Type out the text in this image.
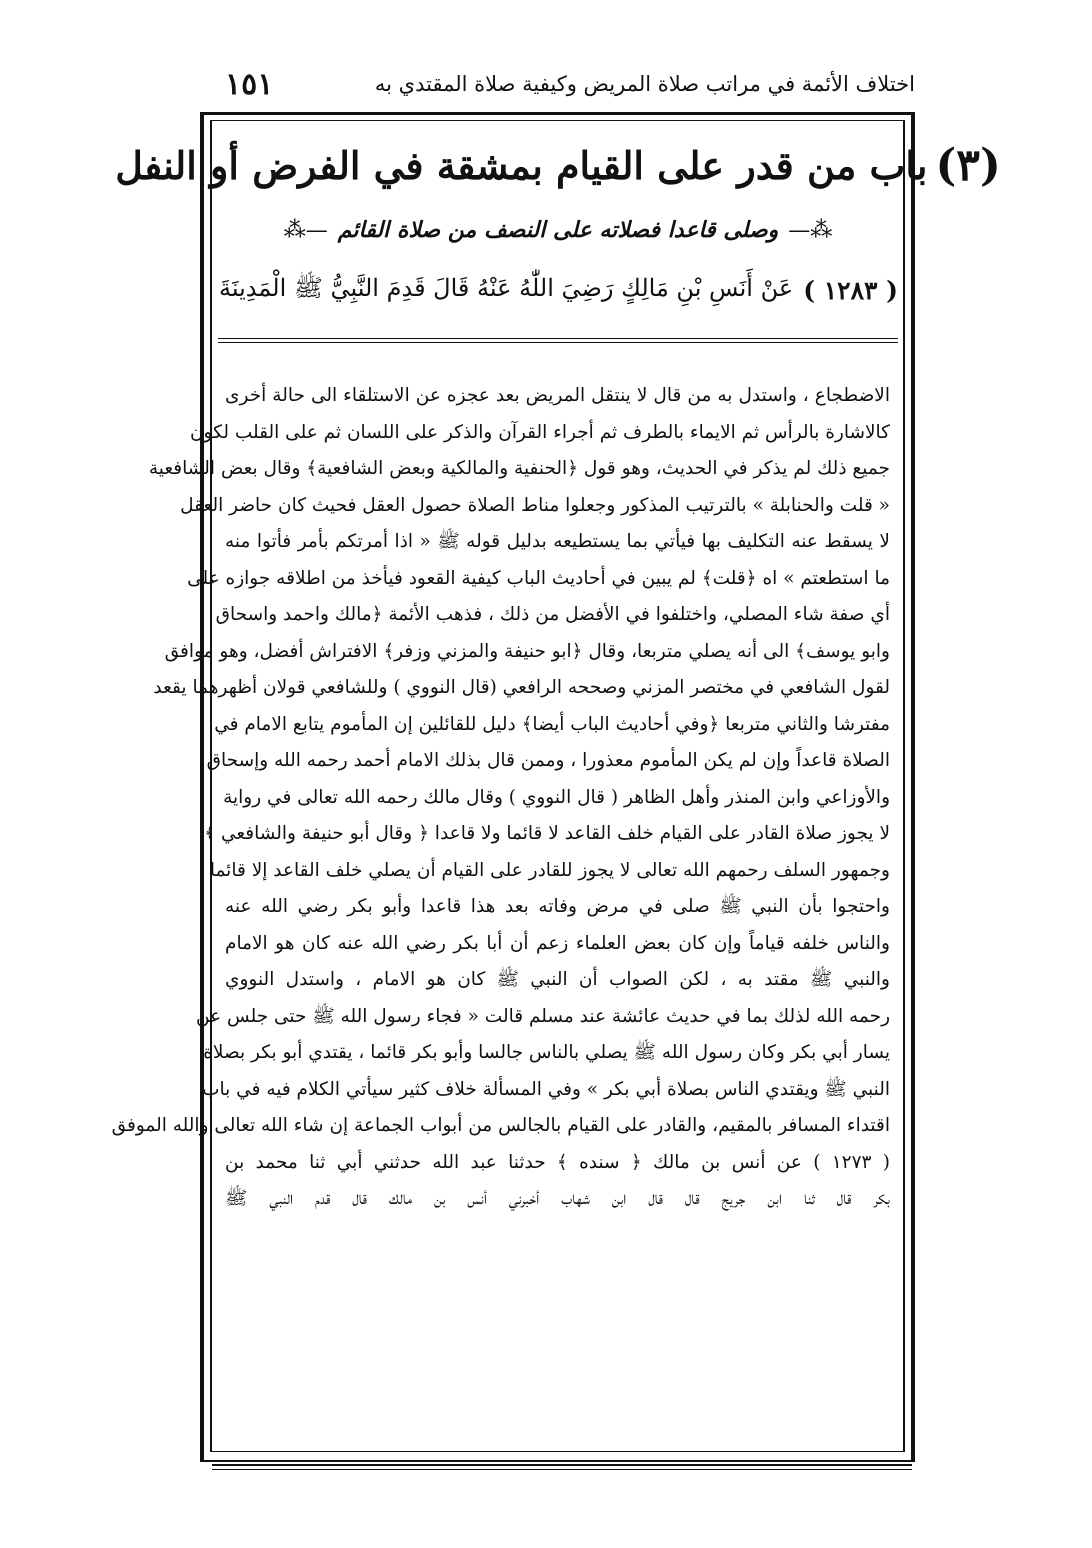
اختلاف الأئمة في مراتب صلاة المريض وكيفية صلاة المقتدي به
١٥١
(٣)
باب من قدر على القيام بمشقة في الفرض أو النفل
⁂—
وصلى قاعدا فصلاته على النصف من صلاة القائم
—⁂
( ١٢٨٣ )
عَنْ أَنَسِ بْنِ مَالِكٍ رَضِيَ اللّٰهُ عَنْهُ قَالَ قَدِمَ النَّبِيُّ ﷺ الْمَدِينَةَ
الاضطجاع ، واستدل به من قال لا ينتقل المريض بعد عجزه عن الاستلقاء الى حالة أخرى
كالاشارة بالرأس ثم الايماء بالطرف ثم أجراء القرآن والذكر على اللسان ثم على القلب لكون
جميع ذلك لم يذكر في الحديث، وهو قول ﴿الحنفية والمالكية وبعض الشافعية﴾ وقال بعض الشافعية
« قلت والحنابلة » بالترتيب المذكور وجعلوا مناط الصلاة حصول العقل فحيث كان حاضر العقل
لا يسقط عنه التكليف بها فيأتي بما يستطيعه بدليل قوله ﷺ « اذا أمرتكم بأمر فأتوا منه
ما استطعتم » اه ﴿قلت﴾ لم يبين في أحاديث الباب كيفية القعود فيأخذ من اطلاقه جوازه على
أي صفة شاء المصلي، واختلفوا في الأفضل من ذلك ، فذهب الأئمة ﴿مالك واحمد واسحاق
وابو يوسف﴾ الى أنه يصلي متربعا، وقال ﴿ابو حنيفة والمزني وزفر﴾ الافتراش أفضل، وهو موافق
لقول الشافعي في مختصر المزني وصححه الرافعي (قال النووي ) وللشافعي قولان أظهرهما يقعد
مفترشا والثاني متربعا ﴿وفي أحاديث الباب أيضا﴾ دليل للقائلين إن المأموم يتابع الامام في
الصلاة قاعداً وإن لم يكن المأموم معذورا ، وممن قال بذلك الامام أحمد رحمه الله وإسحاق
والأوزاعي وابن المنذر وأهل الظاهر ( قال النووي ) وقال مالك رحمه الله تعالى في رواية
لا يجوز صلاة القادر على القيام خلف القاعد لا قائما ولا قاعدا ﴿ وقال أبو حنيفة والشافعي ﴾
وجمهور السلف رحمهم الله تعالى لا يجوز للقادر على القيام أن يصلي خلف القاعد إلا قائما ،
واحتجوا بأن النبي ﷺ صلى في مرض وفاته بعد هذا قاعدا وأبو بكر رضي الله عنه
والناس خلفه قياماً وإن كان بعض العلماء زعم أن أبا بكر رضي الله عنه كان هو الامام
والنبي ﷺ مقتد به ، لكن الصواب أن النبي ﷺ كان هو الامام ، واستدل النووي
رحمه الله لذلك بما في حديث عائشة عند مسلم قالت « فجاء رسول الله ﷺ حتى جلس عن
يسار أبي بكر وكان رسول الله ﷺ يصلي بالناس جالسا وأبو بكر قائما ، يقتدي أبو بكر بصلاة
النبي ﷺ ويقتدي الناس بصلاة أبي بكر » وفي المسألة خلاف كثير سيأتي الكلام فيه في باب
اقتداء المسافر بالمقيم، والقادر على القيام بالجالس من أبواب الجماعة إن شاء الله تعالى والله الموفق
( ١٢٧٣ ) عن أنس بن مالك ﴿ سنده ﴾ حدثنا عبد الله حدثني أبي ثنا محمد بن
بكر قال ثنا ابن جريج قال قال ابن شهاب أخبرني أنس بن مالك قال قدم النبي ﷺ
